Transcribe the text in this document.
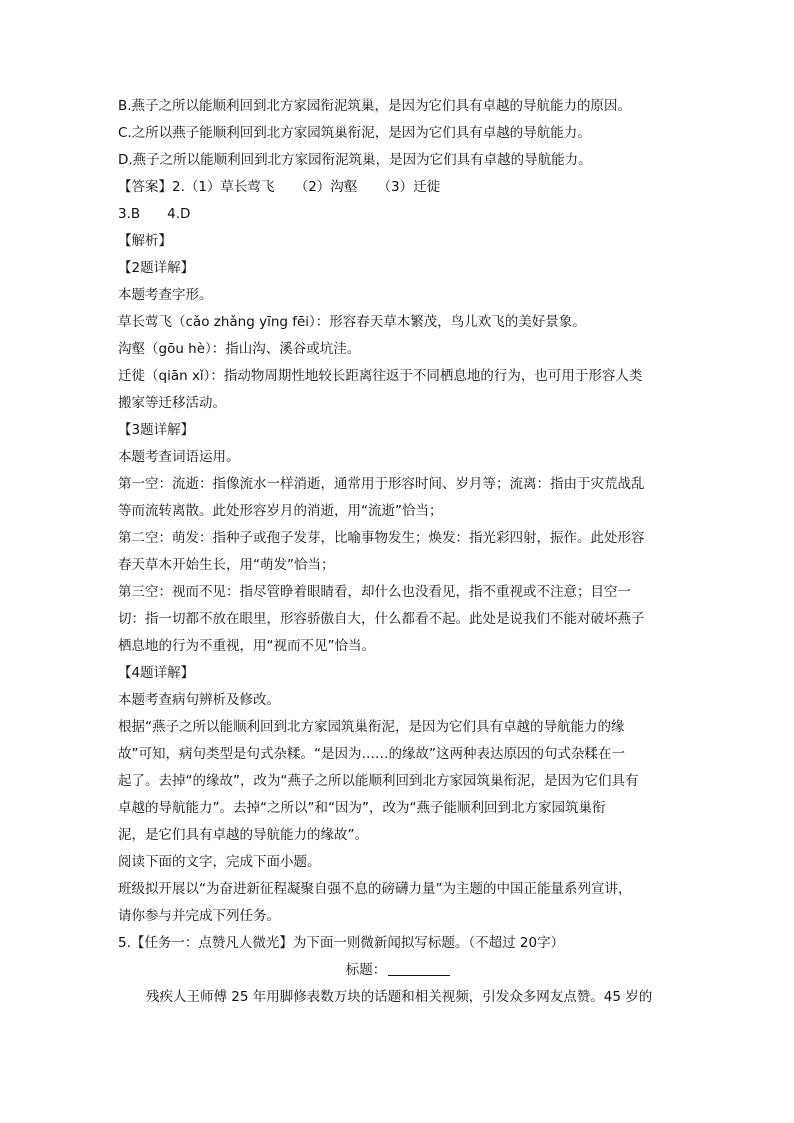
B.燕子之所以能顺利回到北方家园衔泥筑巢，是因为它们具有卓越的导航能力的原因。
C.之所以燕子能顺利回到北方家园筑巢衔泥，是因为它们具有卓越的导航能力。
D.燕子之所以能顺利回到北方家园衔泥筑巢，是因为它们具有卓越的导航能力。
【答案】2.（1）草长莺飞　　（2）沟壑　　（3）迁徙
3.B　　4.D
【解析】
【2题详解】
本题考查字形。
草长莺飞（cǎo zhǎng yīng fēi）：形容春天草木繁茂，鸟儿欢飞的美好景象。
沟壑（gōu hè）：指山沟、溪谷或坑洼。
迁徙（qiān xǐ）：指动物周期性地较长距离往返于不同栖息地的行为，也可用于形容人类
搬家等迁移活动。
【3题详解】
本题考查词语运用。
第一空：流逝：指像流水一样消逝，通常用于形容时间、岁月等；流离：指由于灾荒战乱
等而流转离散。此处形容岁月的消逝，用“流逝”恰当；
第二空：萌发：指种子或孢子发芽，比喻事物发生；焕发：指光彩四射，振作。此处形容
春天草木开始生长，用“萌发”恰当；
第三空：视而不见：指尽管睁着眼睛看，却什么也没看见，指不重视或不注意；目空一
切：指一切都不放在眼里，形容骄傲自大，什么都看不起。此处是说我们不能对破坏燕子
栖息地的行为不重视，用“视而不见”恰当。
【4题详解】
本题考查病句辨析及修改。
根据“燕子之所以能顺利回到北方家园筑巢衔泥，是因为它们具有卓越的导航能力的缘
故”可知，病句类型是句式杂糅。“是因为……的缘故”这两种表达原因的句式杂糅在一
起了。去掉“的缘故”，改为“燕子之所以能顺利回到北方家园筑巢衔泥，是因为它们具有
卓越的导航能力”。去掉“之所以”和“因为”，改为“燕子能顺利回到北方家园筑巢衔
泥，是它们具有卓越的导航能力的缘故”。
阅读下面的文字，完成下面小题。
班级拟开展以“为奋进新征程凝聚自强不息的磅礴力量”为主题的中国正能量系列宣讲，
请你参与并完成下列任务。
5.【任务一：点赞凡人微光】为下面一则微新闻拟写标题。（不超过 20字）
标题：
残疾人王师傅 25 年用脚修表数万块的话题和相关视频，引发众多网友点赞。45 岁的
